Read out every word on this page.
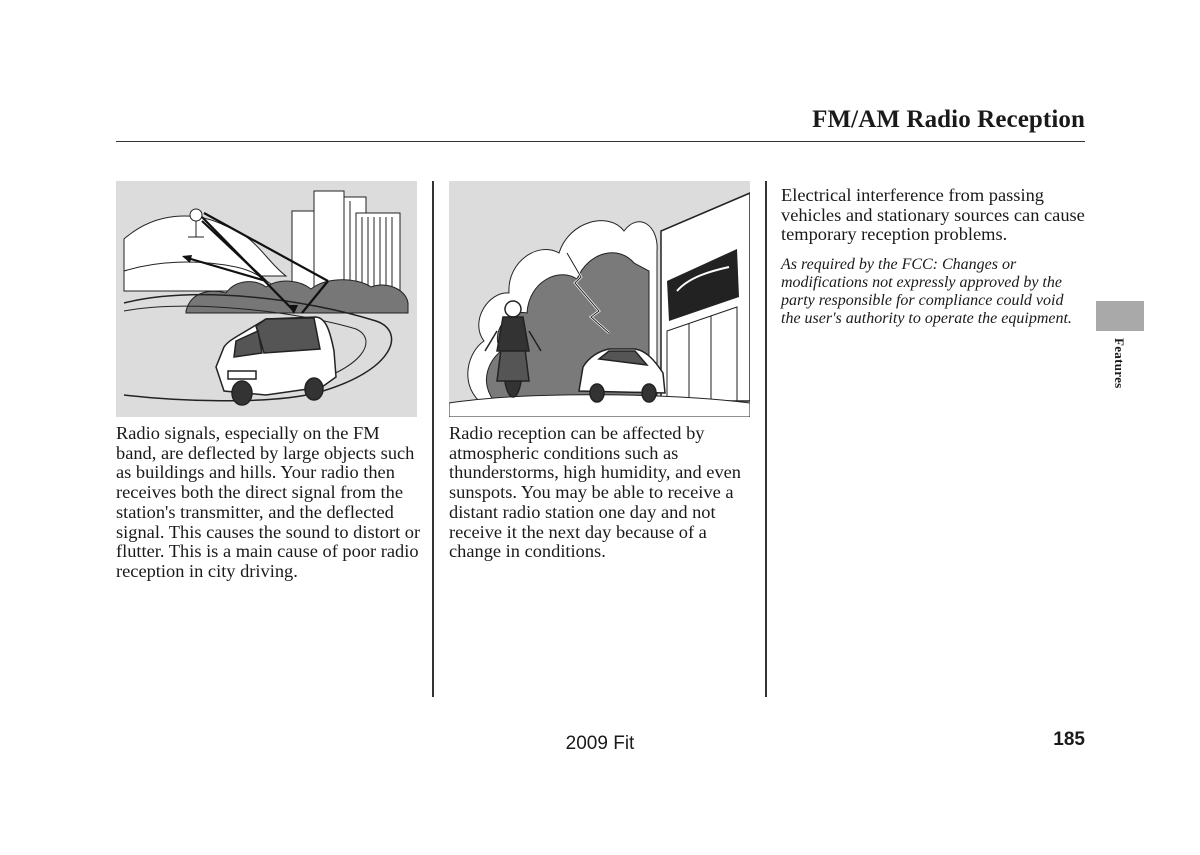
FM/AM Radio Reception

Radio signals, especially on the FM band, are deflected by large objects such as buildings and hills. Your radio then receives both the direct signal from the station's transmitter, and the deflected signal. This causes the sound to distort or flutter. This is a main cause of poor radio reception in city driving.

Radio reception can be affected by atmospheric conditions such as thunderstorms, high humidity, and even sunspots. You may be able to receive a distant radio station one day and not receive it the next day because of a change in conditions.

Electrical interference from passing vehicles and stationary sources can cause temporary reception problems.

As required by the FCC: Changes or modifications not expressly approved by the party responsible for compliance could void the user's authority to operate the equipment.

Features
2009 Fit	185
